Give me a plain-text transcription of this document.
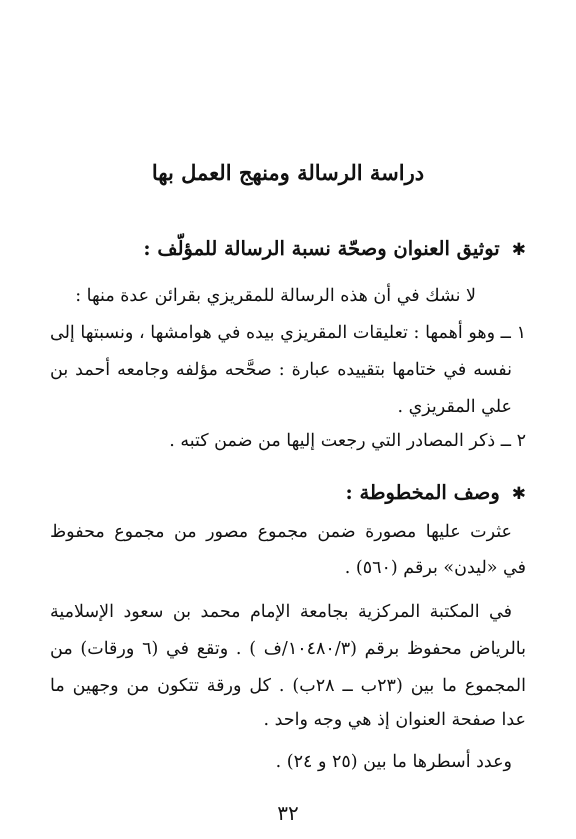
دراسة الرسالة ومنهج العمل بها
✱توثيق العنوان وصحّة نسبة الرسالة للمؤلّف :
لا نشك في أن هذه الرسالة للمقريزي بقرائن عدة منها :
١ ــ وهو أهمها : تعليقات المقريزي بيده في هوامشها ، ونسبتها إلى
نفسه في ختامها بتقييده عبارة : صحَّحه مؤلفه وجامعه أحمد بن
علي المقريزي .
٢ ــ ذكر المصادر التي رجعت إليها من ضمن كتبه .
✱وصف المخطوطة :
عثرت عليها مصورة ضمن مجموع مصور من مجموع محفوظ
في «ليدن» برقم (٥٦٠) .
في المكتبة المركزية بجامعة الإمام محمد بن سعود الإسلامية
بالرياض محفوظ برقم (١٠٤٨٠/٣/ف ) . وتقع في (٦ ورقات) من
المجموع ما بين (٢٣ب ــ ٢٨ب) . كل ورقة تتكون من وجهين ما
عدا صفحة العنوان إذ هي وجه واحد .
وعدد أسطرها ما بين (٢٥ و ٢٤) .
٣٢
